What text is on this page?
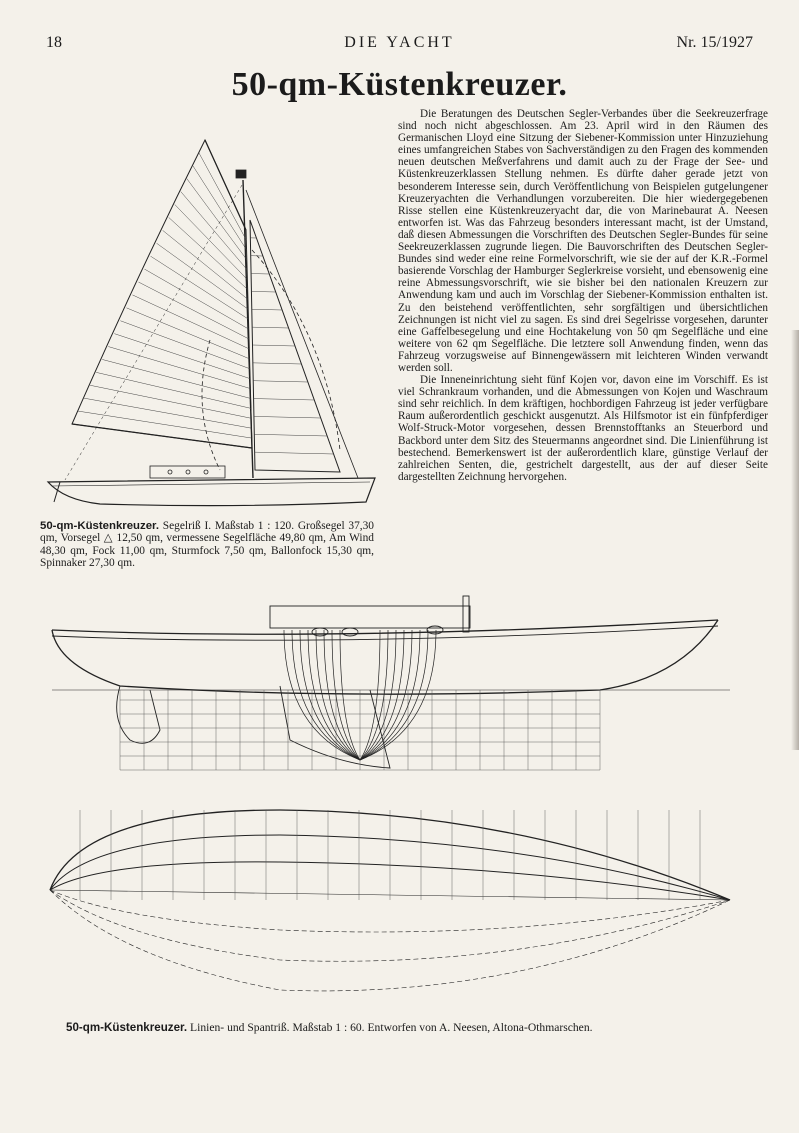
18	DIE YACHT	Nr. 15/1927
50-qm-Küstenkreuzer.

Die Beratungen des Deutschen Segler-Verbandes über die Seekreuzerfrage sind noch nicht abgeschlossen. Am 23. April wird in den Räumen des Germanischen Lloyd eine Sitzung der Siebener-Kommission unter Hinzuziehung eines umfangreichen Stabes von Sachverständigen zu den Fragen des kommenden neuen deutschen Meßverfahrens und damit auch zu der Frage der See- und Küstenkreuzerklassen Stellung nehmen. Es dürfte daher gerade jetzt von besonderem Interesse sein, durch Veröffentlichung von Beispielen gutgelungener Kreuzeryachten die Verhandlungen vorzubereiten. Die hier wiedergegebenen Risse stellen eine Küstenkreuzeryacht dar, die von Marinebaurat A. Neesen entworfen ist. Was das Fahrzeug besonders interessant macht, ist der Umstand, daß diesen Abmessungen die Vorschriften des Deutschen Segler-Bundes für seine Seekreuzerklassen zugrunde liegen. Die Bauvorschriften des Deutschen Segler-Bundes sind weder eine reine Formelvorschrift, wie sie der auf der K.R.-Formel basierende Vorschlag der Hamburger Seglerkreise vorsieht, und ebensowenig eine reine Abmessungsvorschrift, wie sie bisher bei den nationalen Kreuzern zur Anwendung kam und auch im Vorschlag der Siebener-Kommission enthalten ist. Zu den beistehend veröffentlichten, sehr sorgfältigen und übersichtlichen Zeichnungen ist nicht viel zu sagen. Es sind drei Segelrisse vorgesehen, darunter eine Gaffelbesegelung und eine Hochtakelung von 50 qm Segelfläche und eine weitere von 62 qm Segelfläche. Die letztere soll Anwendung finden, wenn das Fahrzeug vorzugsweise auf Binnengewässern mit leichteren Winden verwandt werden soll.

Die Inneneinrichtung sieht fünf Kojen vor, davon eine im Vorschiff. Es ist viel Schrankraum vorhanden, und die Abmessungen von Kojen und Waschraum sind sehr reichlich. In dem kräftigen, hochbordigen Fahrzeug ist jeder verfügbare Raum außerordentlich geschickt ausgenutzt. Als Hilfsmotor ist ein fünfpferdiger Wolf-Struck-Motor vorgesehen, dessen Brennstofftanks an Steuerbord und Backbord unter dem Sitz des Steuermanns angeordnet sind. Die Linienführung ist bestechend. Bemerkenswert ist der außerordentlich klare, günstige Verlauf der zahlreichen Senten, die, gestrichelt dargestellt, aus der auf dieser Seite dargestellten Zeichnung hervorgehen.

50-qm-Küstenkreuzer. Segelriß I. Maßstab 1 : 120. Großsegel 37,30 qm, Vorsegel △ 12,50 qm, vermessene Segelfläche 49,80 qm, Am Wind 48,30 qm, Fock 11,00 qm, Sturmfock 7,50 qm, Ballonfock 15,30 qm, Spinnaker 27,30 qm.
50-qm-Küstenkreuzer. Linien- und Spantriß. Maßstab 1 : 60. Entworfen von A. Neesen, Altona-Othmarschen.
